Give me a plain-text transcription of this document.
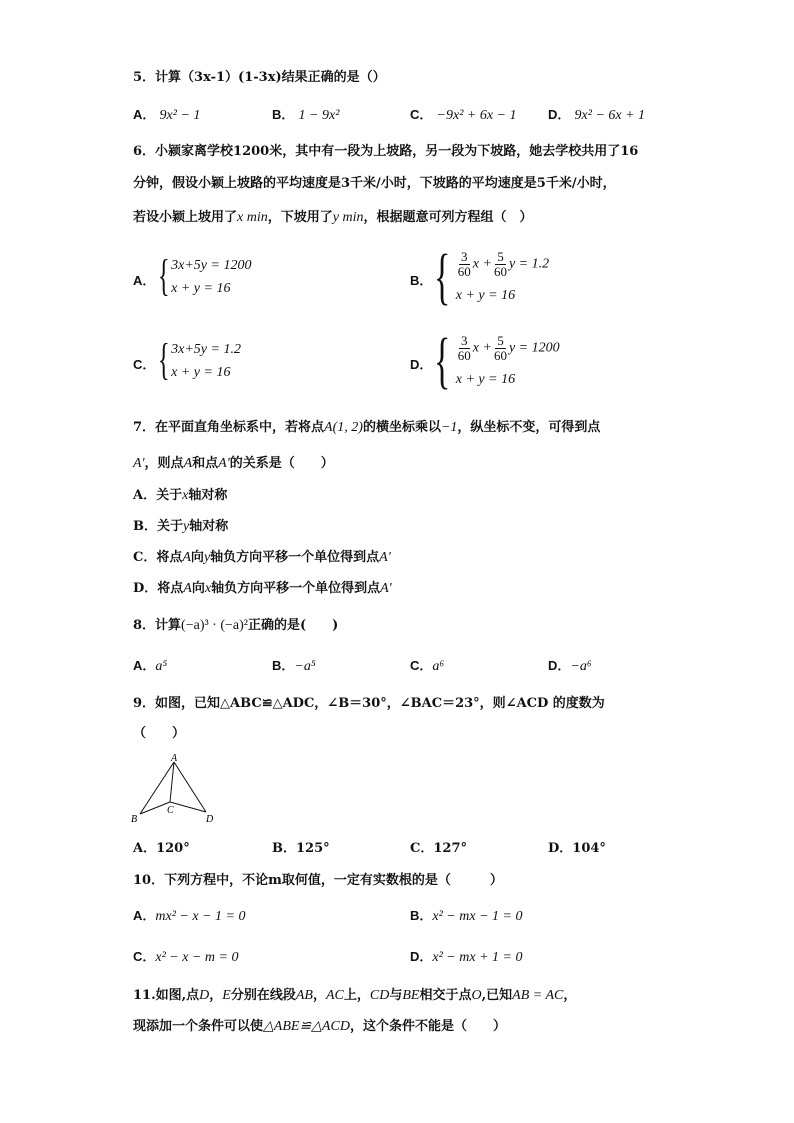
5．计算（3x-1）(1-3x)结果正确的是（）
A． 9x² − 1	B． 1 − 9x²	C． −9x² + 6x − 1 D． 9x² − 6x + 1
6．小颍家离学校1200米，其中有一段为上坡路，另一段为下坡路，她去学校共用了16
分钟，假设小颖上坡路的平均速度是3千米/小时，下坡路的平均速度是5千米/小时，
若设小颖上坡用了x min，下坡用了y min，根据题意可列方程组（　）
A． { 3x+5y = 1200
x + y = 16	B． { $\frac{3}{60}$ $x + \frac{5}{60}$ y = 1.2
x + y = 16
C． { 3x+5y = 1.2
x + y = 16	D． { $\frac{3}{60}$ $x + \frac{5}{60}$ y = 1200
x + y = 16
7．在平面直角坐标系中，若将点A(1, 2)的横坐标乘以−1，纵坐标不变，可得到点
A'，则点A和点A'的关系是（　　）
A．关于x轴对称
B．关于y轴对称
C．将点A向y轴负方向平移一个单位得到点A'
D．将点A向x轴负方向平移一个单位得到点A'
8．计算(−a)³ · (−a)²正确的是(　　)
A．a⁵	B．−a⁵	C．a⁶	D．−a⁶
9．如图，已知△ABC≌△ADC，∠B＝30°，∠BAC＝23°，则∠ACD 的度数为
（　　）
A
B
C
D
A．120°	B．125°	C．127°	D．104°
10．下列方程中，不论m取何值，一定有实数根的是（　　　）
A．mx² − x − 1 = 0	B．x² − mx − 1 = 0
C．x² − x − m = 0	D．x² − mx + 1 = 0
11.如图,点D，E分别在线段AB，AC上，CD与BE相交于点O,已知AB = AC，
现添加一个条件可以使△ABE≌△ACD，这个条件不能是（　　）
